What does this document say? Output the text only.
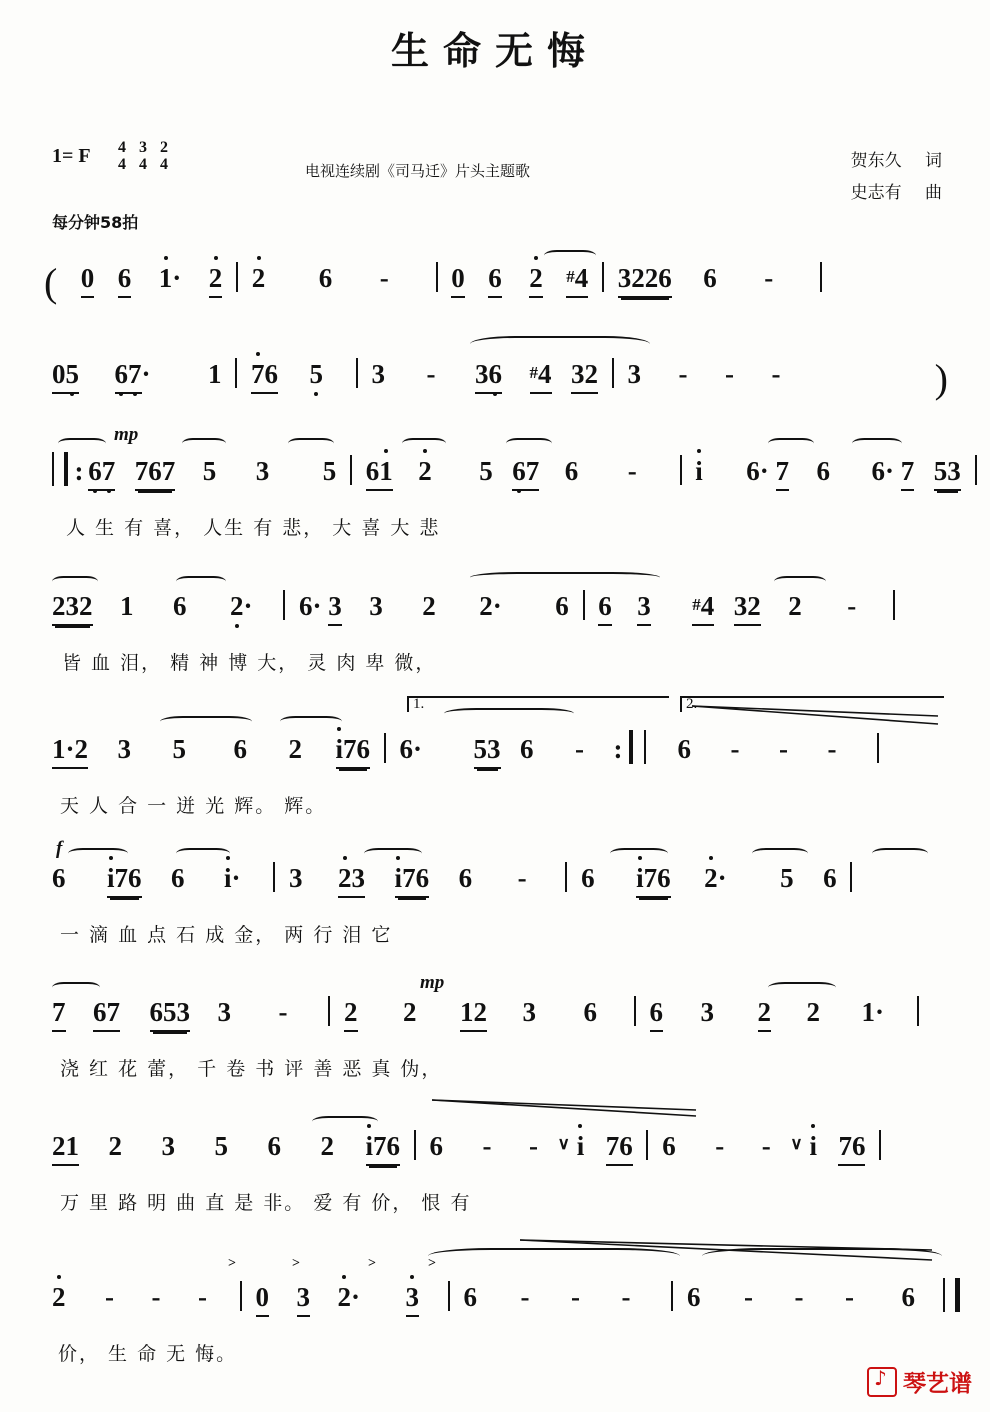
生命无悔
1= F 4
4
3
4
2
4
每分钟58拍
电视连续剧《司马迁》片头主题歌	贺东久 词
史志有 曲
( 0 6 1· 2 2 6 - 0 6 2 #4 3226 6 -
05 67· 1 76 5 3 - 36 #4 32 3 - - -	)
mp
: 67 767 5 3 5 61 2 5 67 6 - i 6· 7 6 6· 7 53
人 生 有 喜， 人生 有 悲， 大 喜 大 悲
232 1 6 2· 6· 3 3 2 2· 6 6 3 #4 32 2 -
皆 血 泪， 精 神 博 大， 灵 肉 卑 微，
1.	2.
1·2 3 5 6 2 i76 6· 53 6 - : 6 - - -
天 人 合 一 迸 光 辉。 辉。
f
6 i76 6 i· 3 23 i76 6 - 6 i76 2· 5 6
一 滴 血 点 石 成 金， 两 行 泪 它
mp
7 67 653 3 - 2 2 12 3 6 6 3 2 2 1·
浇 红 花 蕾， 千 卷 书 评 善 恶 真 伪，
21 2 3 5 6 2 i76 6 - - ∨ i 76 6 - - ∨ i 76
万 里 路 明 曲 直 是 非。 爱 有 价， 恨 有
2 - - - 0 3 2· 3 6 - - - 6 - - - 6
>	>	>	>
价， 生 命 无 悔。
♪
琴艺谱
